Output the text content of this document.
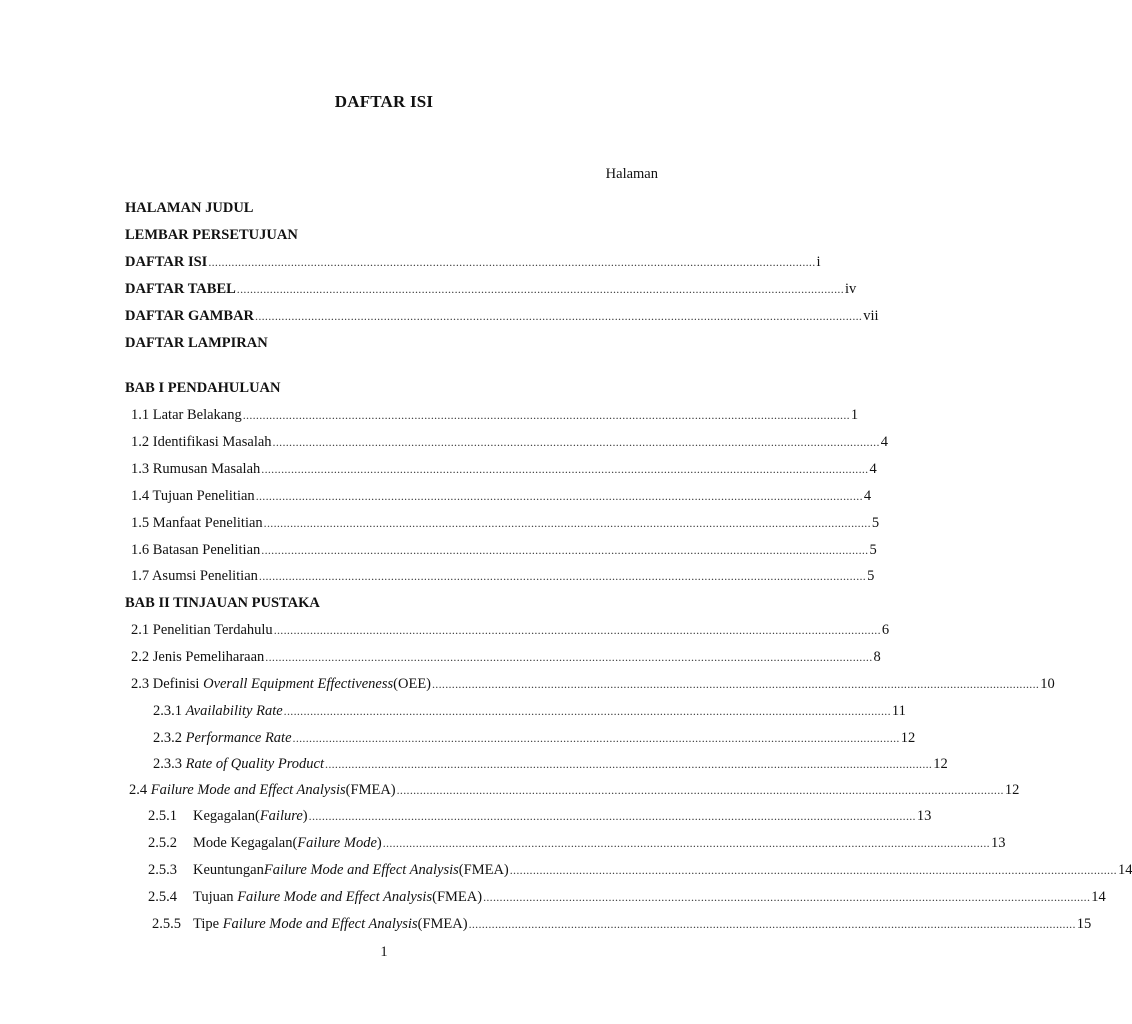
DAFTAR ISI
Halaman
HALAMAN JUDUL
LEMBAR PERSETUJUAN
DAFTAR ISI ........................................................................................................................................................................................ i
DAFTAR TABEL ........................................................................................................................................................................................ iv
DAFTAR GAMBAR ........................................................................................................................................................................................ vii
DAFTAR LAMPIRAN
BAB I PENDAHULUAN
1.1 Latar Belakang ........................................................................................................................................................................................ 1
1.2 Identifikasi Masalah ........................................................................................................................................................................................ 4
1.3 Rumusan Masalah ........................................................................................................................................................................................ 4
1.4 Tujuan Penelitian ........................................................................................................................................................................................ 4
1.5 Manfaat Penelitian ........................................................................................................................................................................................ 5
1.6 Batasan Penelitian ........................................................................................................................................................................................ 5
1.7 Asumsi Penelitian ........................................................................................................................................................................................ 5
BAB II TINJAUAN PUSTAKA
2.1 Penelitian Terdahulu ........................................................................................................................................................................................ 6
2.2 Jenis Pemeliharaan ........................................................................................................................................................................................ 8
2.3 Definisi Overall Equipment Effectiveness(OEE) ........................................................................................................................................................................................ 10
2.3.1 Availability Rate ........................................................................................................................................................................................ 11
2.3.2 Performance Rate ........................................................................................................................................................................................ 12
2.3.3 Rate of Quality Product ........................................................................................................................................................................................ 12
2.4 Failure Mode and Effect Analysis(FMEA) ........................................................................................................................................................................................ 12
2.5.1 Kegagalan(Failure) ........................................................................................................................................................................................ 13
2.5.2 Mode Kegagalan(Failure Mode) ........................................................................................................................................................................................ 13
2.5.3 KeuntunganFailure Mode and Effect Analysis(FMEA) ........................................................................................................................................................................................ 14
2.5.4 Tujuan Failure Mode and Effect Analysis(FMEA) ........................................................................................................................................................................................ 14
2.5.5 Tipe Failure Mode and Effect Analysis(FMEA) ........................................................................................................................................................................................ 15
1
